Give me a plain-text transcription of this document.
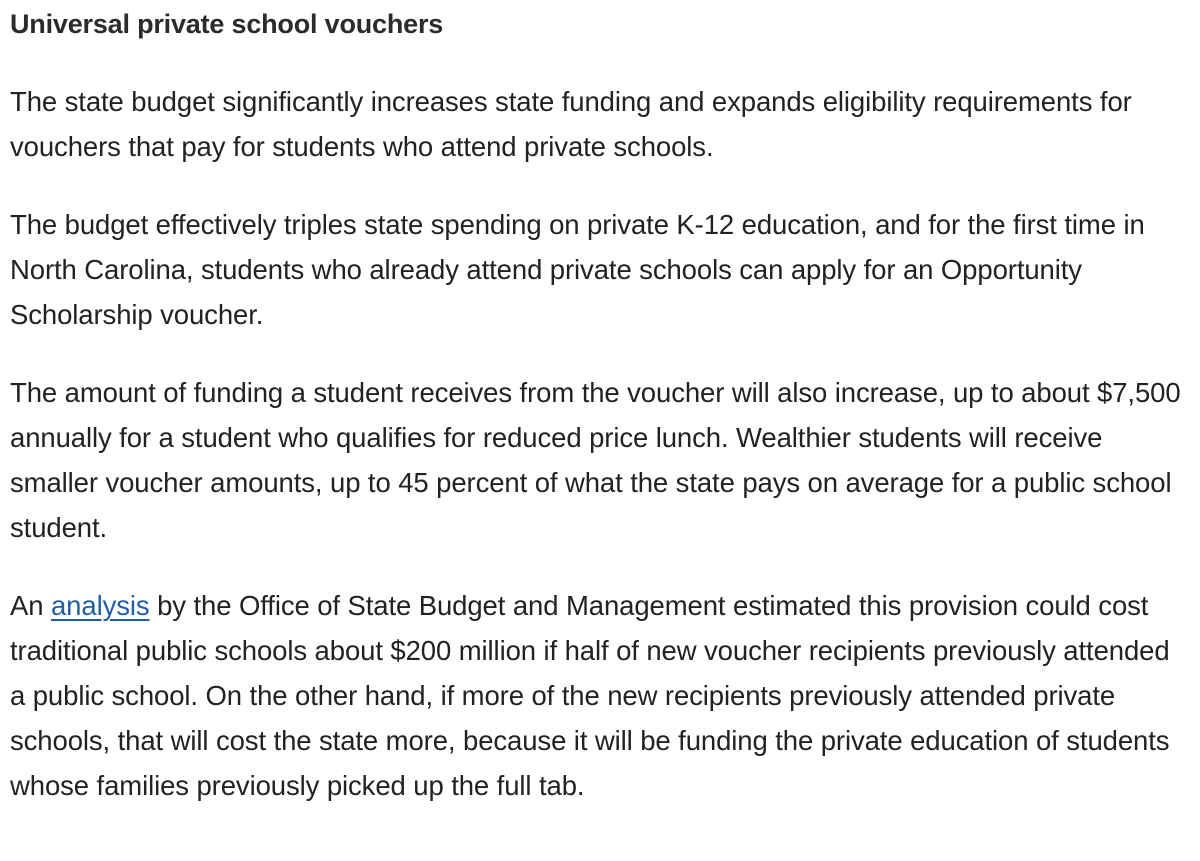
Universal private school vouchers

The state budget significantly increases state funding and expands eligibility requirements for vouchers that pay for students who attend private schools.

The budget effectively triples state spending on private K-12 education, and for the first time in North Carolina, students who already attend private schools can apply for an Opportunity Scholarship voucher.

The amount of funding a student receives from the voucher will also increase, up to about $7,500 annually for a student who qualifies for reduced price lunch. Wealthier students will receive smaller voucher amounts, up to 45 percent of what the state pays on average for a public school student.

An analysis by the Office of State Budget and Management estimated this provision could cost traditional public schools about $200 million if half of new voucher recipients previously attended a public school. On the other hand, if more of the new recipients previously attended private schools, that will cost the state more, because it will be funding the private education of students whose families previously picked up the full tab.
